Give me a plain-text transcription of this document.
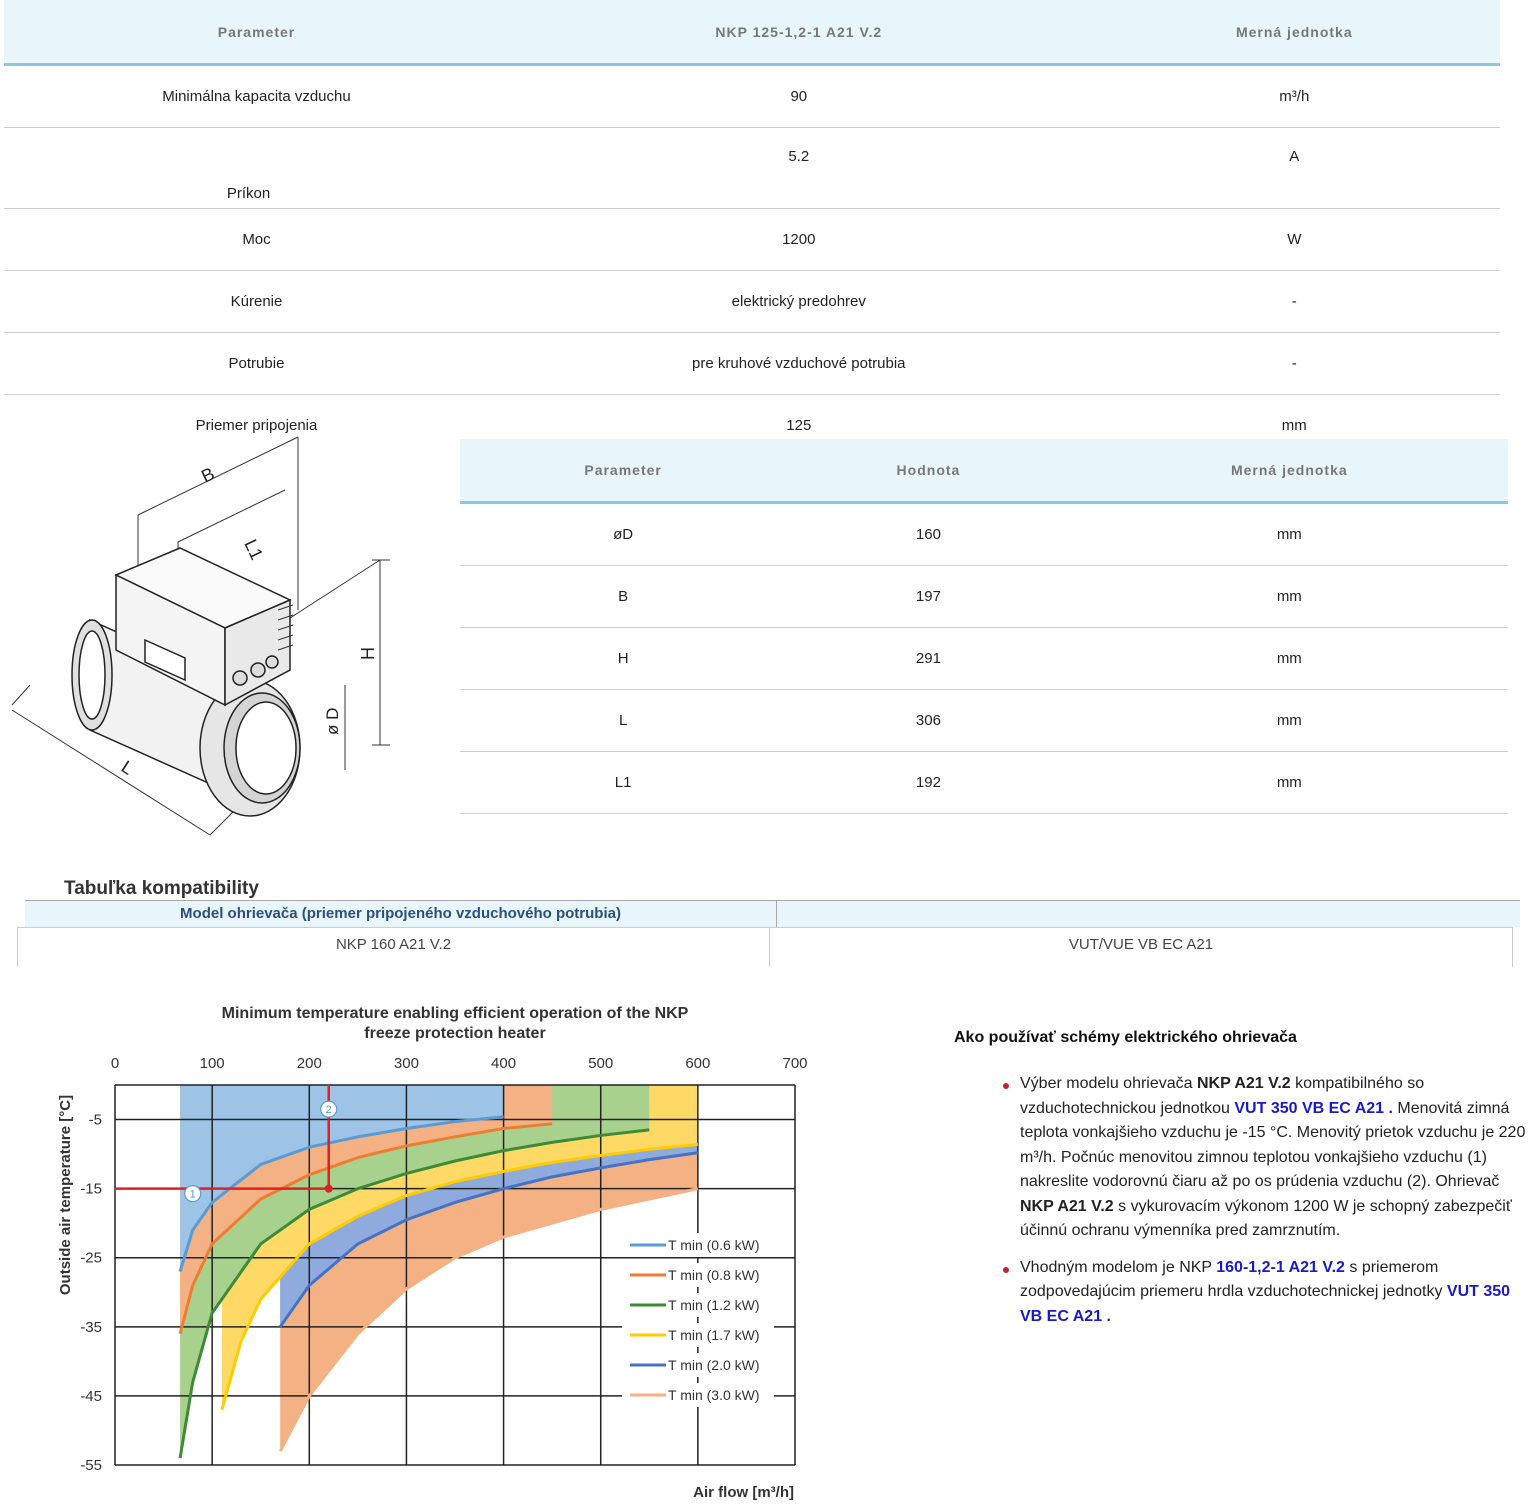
Parameter	NKP 125-1,2-1 A21 V.2	Merná jednotka
Minimálna kapacita vzduchu	90	m³/h
Príkon	5.2	A
Moc	1200	W
Kúrenie	elektrický predohrev	-
Potrubie	pre kruhové vzduchové potrubia	-
Priemer pripojenia	125	mm
B
L1
H
ø D
L
Parameter	Hodnota	Merná jednotka
øD	160	mm
B	197	mm
H	291	mm
L	306	mm
L1	192	mm
Tabuľka kompatibility
Model ohrievača (priemer pripojeného vzduchového potrubia)
NKP 160 A21 V.2	VUT/VUE VB EC A21
Minimum temperature enabling efficient operation of the NKP
freeze protection heater
0	100	200	300	400	500	600	700
-5
-15
-25
-35
-45
-55
1
2
T min (0.6 kW)
T min (0.8 kW)
T min (1.2 kW)
T min (1.7 kW)
T min (2.0 kW)
T min (3.0 kW)
Outside air temperature [°C]
Air flow [m³/h]
Ako používať schémy elektrického ohrievača
Výber modelu ohrievača NKP A21 V.2 kompatibilného so vzduchotechnickou jednotkou VUT 350 VB EC A21 . Menovitá zimná teplota vonkajšieho vzduchu je -15 °C. Menovitý prietok vzduchu je 220 m³/h. Počnúc menovitou zimnou teplotou vonkajšieho vzduchu (1) nakreslite vodorovnú čiaru až po os prúdenia vzduchu (2). Ohrievač NKP A21 V.2 s vykurovacím výkonom 1200 W je schopný zabezpečiť účinnú ochranu výmenníka pred zamrznutím.
Vhodným modelom je NKP 160-1,2-1 A21 V.2 s priemerom zodpovedajúcim priemeru hrdla vzduchotechnickej jednotky VUT 350 VB EC A21 .
